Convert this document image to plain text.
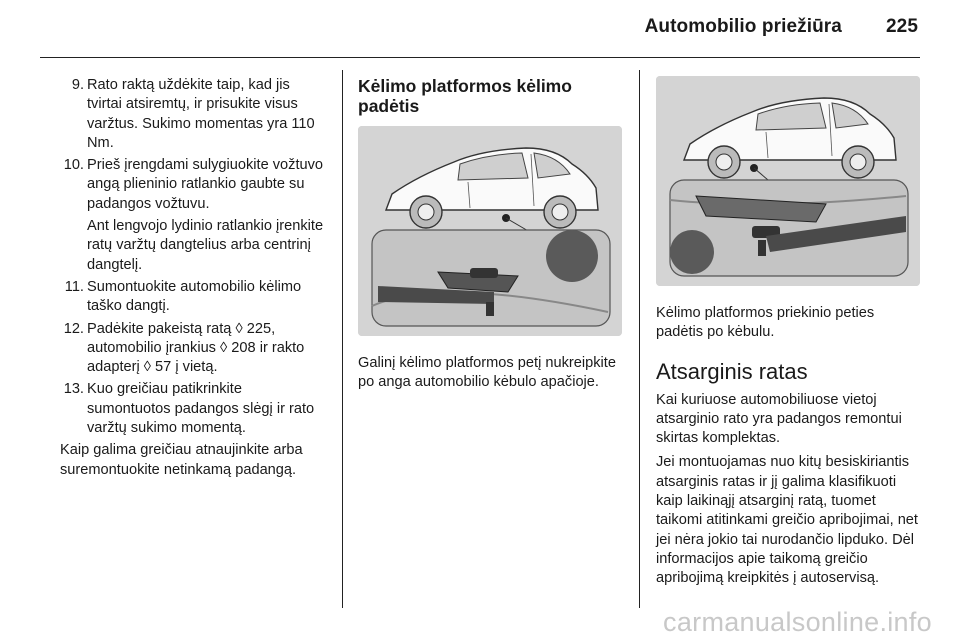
Automobilio priežiūra 225
9. Rato raktą uždėkite taip, kad jis tvirtai atsiremtų, ir prisukite visus varžtus. Sukimo momentas yra 110 Nm.

10. Prieš įrengdami sulygiuokite vožtuvo angą plieninio ratlankio gaubte su padangos vožtuvu.

Ant lengvojo lydinio ratlankio įrenkite ratų varžtų dangtelius arba centrinį dangtelį.

11. Sumontuokite automobilio kėlimo taško dangtį.

12. Padėkite pakeistą ratą ◊ 225, automobilio įrankius ◊ 208 ir rakto adapterį ◊ 57 į vietą.

13. Kuo greičiau patikrinkite sumontuotos padangos slėgį ir rato varžtų sukimo momentą.

Kaip galima greičiau atnaujinkite arba suremontuokite netinkamą padangą.

Kėlimo platformos kėlimo padėtis

Galinį kėlimo platformos petį nukreipkite po anga automobilio kėbulo apačioje.

Kėlimo platformos priekinio peties padėtis po kėbulu.

Atsarginis ratas

Kai kuriuose automobiliuose vietoj atsarginio rato yra padangos remontui skirtas komplektas.

Jei montuojamas nuo kitų besiskiriantis atsarginis ratas ir jį galima klasifikuoti kaip laikinąjį atsarginį ratą, tuomet taikomi atitinkami greičio apribojimai, net jei nėra jokio tai nurodančio lipduko. Dėl informacijos apie taikomą greičio apribojimą kreipkitės į autoservisą.

carmanualsonline.info
